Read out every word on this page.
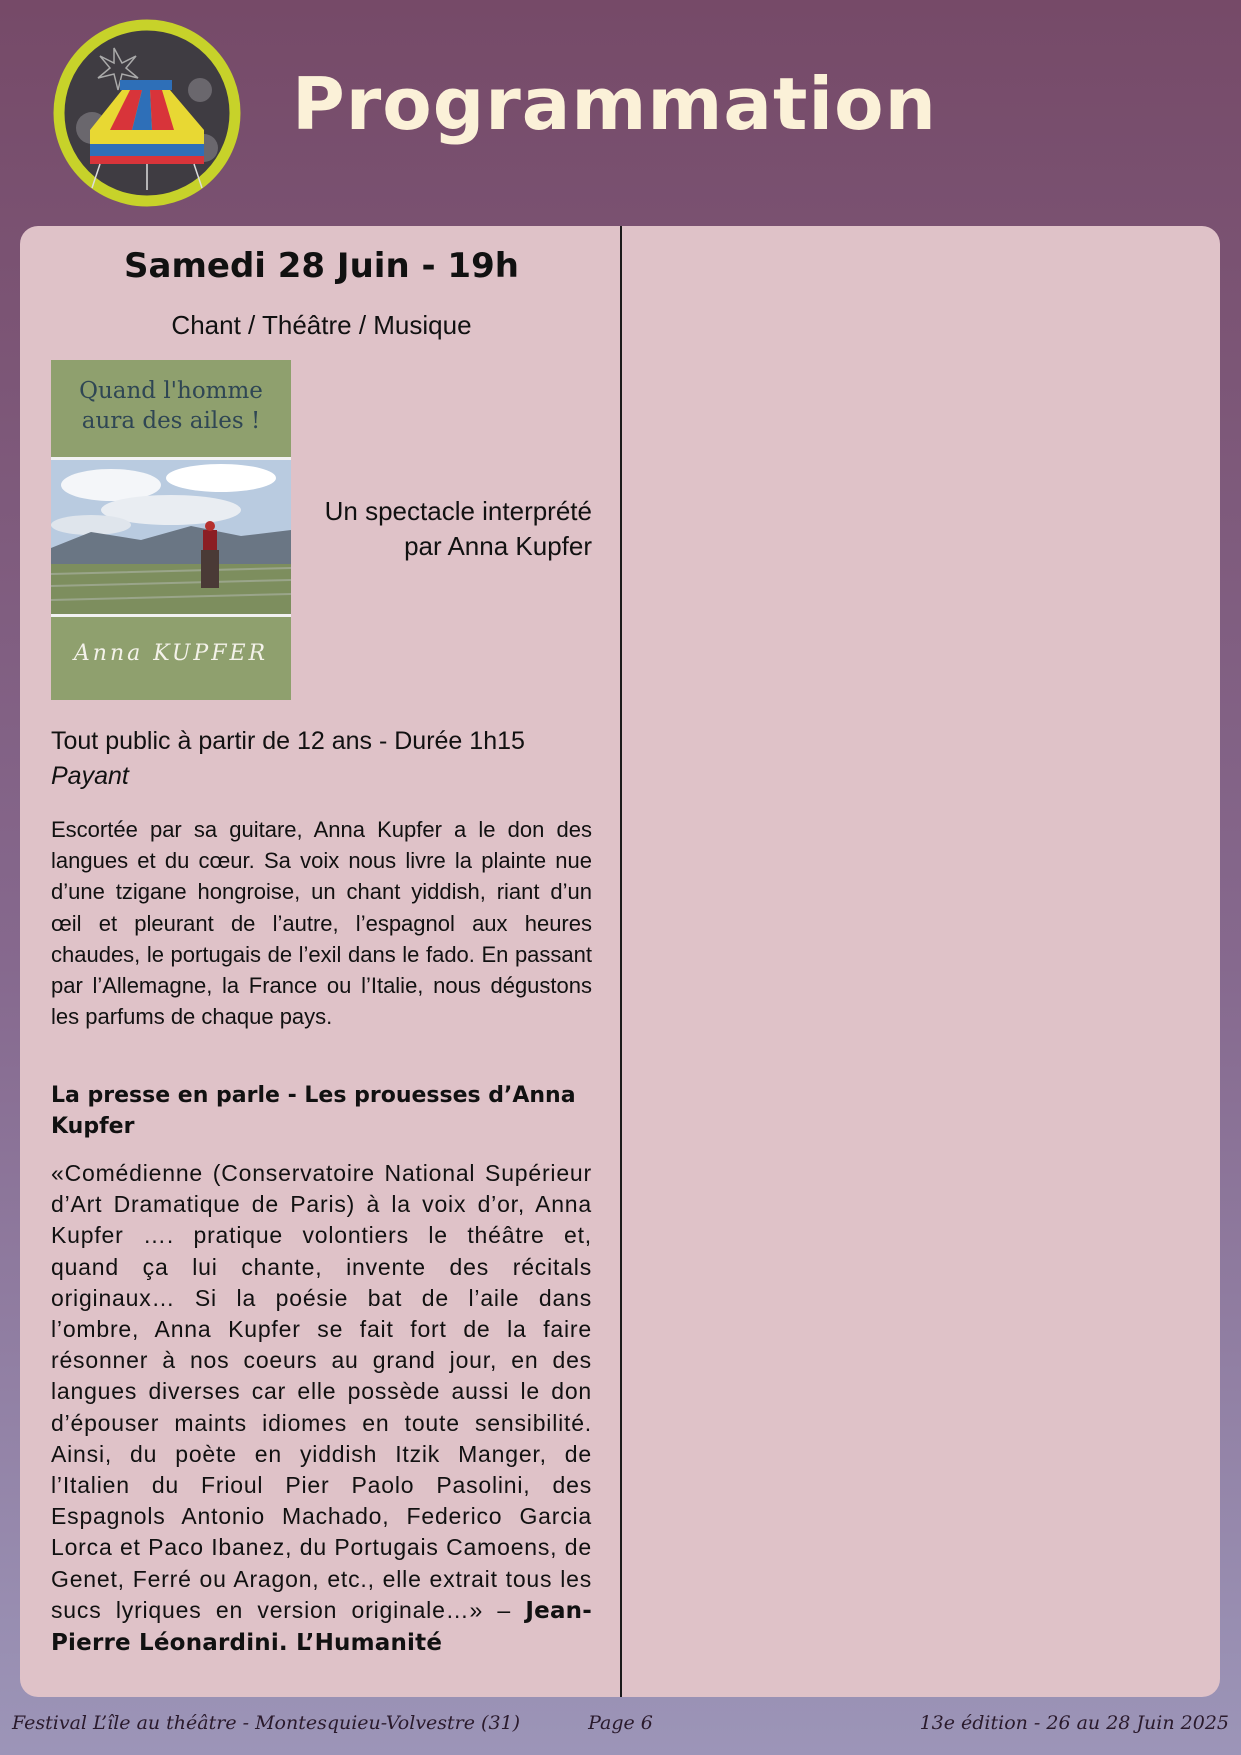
Programmation
Samedi 28 Juin - 19h
Chant / Théâtre / Musique
Quand l'homme
aura des ailes !
Anna KUPFER
Un spectacle interprété
par Anna Kupfer
Tout public à partir de 12 ans - Durée 1h15
Payant

Escortée par sa guitare, Anna Kupfer a le don des langues et du cœur. Sa voix nous livre la plainte nue d’une tzigane hongroise, un chant yiddish, riant d’un œil et pleurant de l’autre, l’espagnol aux heures chaudes, le portugais de l’exil dans le fado. En passant par l’Allemagne, la France ou l’Italie, nous dégustons les parfums de chaque pays.

La presse en parle - Les prouesses d’Anna Kupfer

«Comédienne (Conservatoire National Supérieur d’Art Dramatique de Paris) à la voix d’or, Anna Kupfer …. pratique volontiers le théâtre et, quand ça lui chante, invente des récitals originaux… Si la poésie bat de l’aile dans l’ombre, Anna Kupfer se fait fort de la faire résonner à nos coeurs au grand jour, en des langues diverses car elle possède aussi le don d’épouser maints idiomes en toute sensibilité. Ainsi, du poète en yiddish Itzik Manger, de l’Italien du Frioul Pier Paolo Pasolini, des Espagnols Antonio Machado, Federico Garcia Lorca et Paco Ibanez, du Portugais Camoens, de Genet, Ferré ou Aragon, etc., elle extrait tous les sucs lyriques en version originale…» – Jean-Pierre Léonardini. L’Humanité

Page 6
Festival L’île au théâtre - Montesquieu-Volvestre (31)	13e édition - 26 au 28 Juin 2025
